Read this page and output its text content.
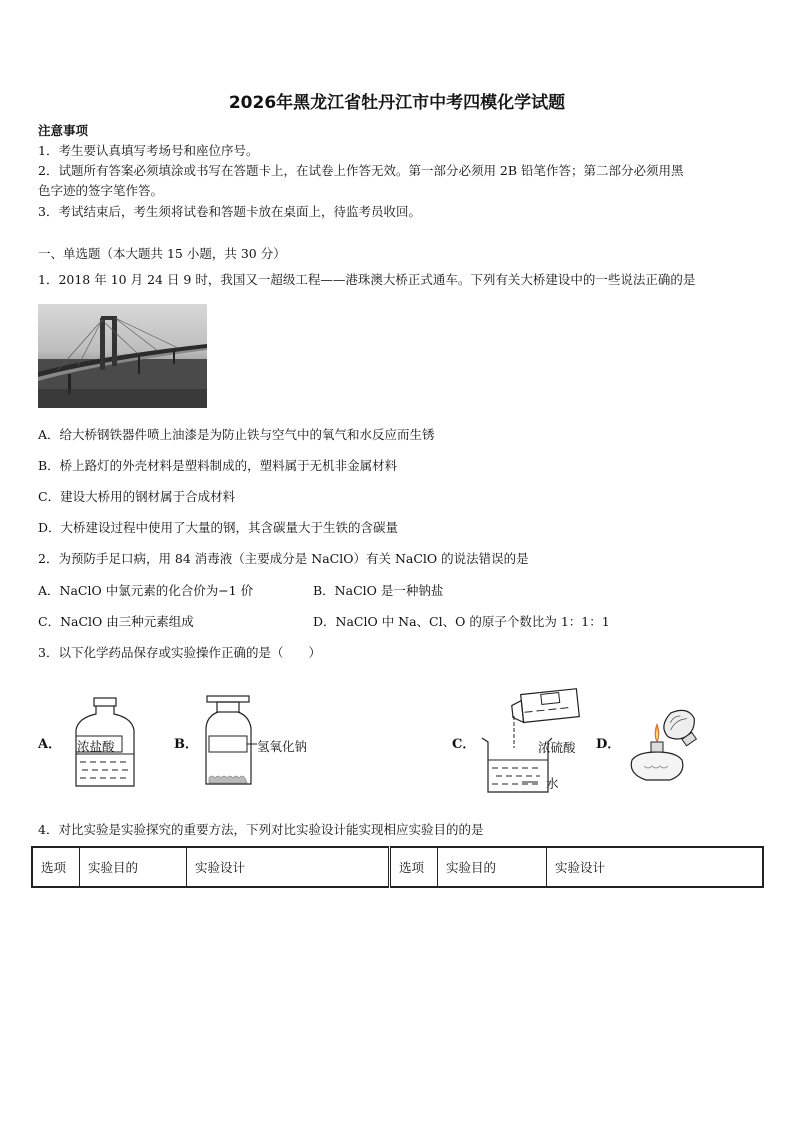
2026年黑龙江省牡丹江市中考四模化学试题
注意事项
1．考生要认真填写考场号和座位序号。
2．试题所有答案必须填涂或书写在答题卡上，在试卷上作答无效。第一部分必须用 2B 铅笔作答；第二部分必须用黑
色字迹的签字笔作答。
3．考试结束后，考生须将试卷和答题卡放在桌面上，待监考员收回。
一、单选题（本大题共 15 小题，共 30 分）
1．2018 年 10 月 24 日 9 时，我国又一超级工程——港珠澳大桥正式通车。下列有关大桥建设中的一些说法正确的是
A．给大桥钢铁器件喷上油漆是为防止铁与空气中的氧气和水反应而生锈
B．桥上路灯的外壳材料是塑料制成的，塑料属于无机非金属材料
C．建设大桥用的钢材属于合成材料
D．大桥建设过程中使用了大量的钢，其含碳量大于生铁的含碳量
2．为预防手足口病，用 84 消毒液（主要成分是 NaClO）有关 NaClO 的说法错误的是
A．NaClO 中氯元素的化合价为−1 价	B．NaClO 是一种钠盐
C．NaClO 由三种元素组成	D．NaClO 中 Na、Cl、O 的原子个数比为 1：1：1
3．以下化学药品保存或实验操作正确的是（　　）
A．	B．	C．	D．
浓盐酸	氢氧化钠	浓硫酸
水
4．对比实验是实验探究的重要方法，下列对比实验设计能实现相应实验目的的是
选项	实验目的	实验设计	选项	实验目的	实验设计
